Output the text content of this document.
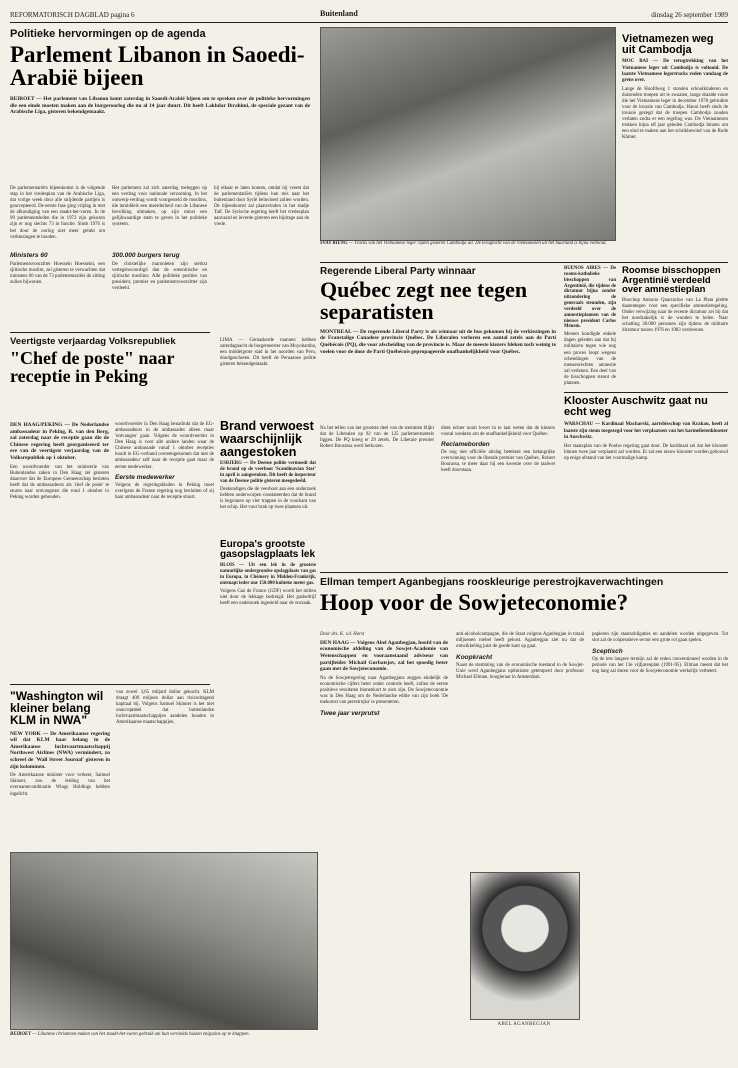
REFORMATORISCH DAGBLAD pagina 6	Buitenland	dinsdag 26 september 1989
Politieke hervormingen op de agenda
Parlement Libanon in Saoedi-Arabië bijeen
BEIROET — Het parlement van Libanon komt zaterdag in Saoedi-Arabië bijeen om te spreken over de politieke hervormingen die een einde moeten maken aan de burgeroorlog die nu al 14 jaar duurt. Dit heeft Lakhdar Ibrahimi, de speciale gezant van de Arabische Liga, gisteren bekendgemaakt.
De parlementariërs bijeenkomst is de volgende stap in het vredesplan van de Arabische Liga, dat vorige week door alle strijdende partijen is geaccepteerd. De eerste fase ging vrijdag in met de afkondiging van een staakt-het-vuren. In de 99 parlementsleden die in 1972 zijn gekozen zijn er nog slechts 73 in functie. Sinds 1976 is het door de oorlog niet meer gelukt om verkiezingen te houden.
Het parlement zal zich zaterdag toeleggen op een verdrag voor nationale verzoening. In het ontwerp-verdrag wordt voorgesteld de moslims, die inmiddels een meerderheid van de Libanese bevolking uitmaken, op zijn minst een gelijkwaardige stem te geven in het politieke systeem.
bij elkaar te laten komen, omdat hij vreest dat de parlementariërs tijdens hun reis naar het buitenland door Syrië beïnvloed zullen worden. De bijeenkomst zal plaatsvinden in het stadje Taif. De Syrische regering heeft het vredesplan aanvaard en leverde gisteren een bijdrage aan de vrede.
Ministers 60
Parlementsvoorzitter Hoessein Hoesseini, een sjiitische moslim, zei gisteren te verwachten dat minstens 60 van de 73 parlementariërs de zitting zullen bijwonen.
300.000 burgers terug
De christelijke maronieten zijn sterkst vertegenwoordigd dan de soennitische en sjiitische moslims. Alle politieke posities van president, premier en parlementsvoorzitter zijn verdeeld.
SVAY RIENG — Tracks van het Vietnamese leger rijden gisteren Cambodja uit. De terugtocht van de Vietnamezen uit het buurland is bijna voltooid.
Vietnamezen weg uit Cambodja
MOC BAI — De terugtrekking van het Vietnamese leger uit Cambodja is voltooid. De laatste Vietnamese legertrucks reden vandaag de grens over.
Lange de Hoofdweg 1 stonden schoolkinderen en duizenden troepen uit te zwaaien, lange draaide route die het Vietnamese leger in december 1978 gebruikte voor de invasie van Cambodja. Hanoi heeft sinds de invasie gezegd dat de troepen Cambodja zouden verlaten zodra er een regeling was. De Vietnamezen trokken bijna elf jaar geleden Cambodja binnen om een eind te maken aan het schrikbewind van de Rode Khmer.
Regerende Liberal Party winnaar
Québec zegt nee tegen separatisten
MONTREAL — De regerende Liberal Party is als winnaar uit de bus gekomen bij de verkiezingen in de Franstalige Canadese provincie Québec. De Liberalen verloren een aantal zetels aan de Parti Québécois (PQ), die voor afscheiding van de provincie is. Maar de meeste kiezers bleken toch weinig te voelen voor de door de Parti Québécois gepropageerde onafhankelijkheid voor Québec.
Na het tellen van het grootste deel van de stemmen blijkt dat de Liberalen op 92 van de 125 parlementszetels liggen. De PQ kreeg er 29 zetels. De Liberale premier Robert Bourassa werd herkozen.
dient echter nooit lower in te laat weten dat de kiezers vooral wenkten om de onafhankelijkheid voor Québec.
Reclameborden
De nog niet officiële uitslag betekent een belangrijke overwinning voor de liberale premier van Québec, Robert Bourassa, te meer daar hij een kwestie over de taalwet heeft doorstaan.
BUENOS AIRES — De rooms-katholieke bisschoppen van Argentinië, die tijdens de dictatuur bijna zonder uitzondering de generaals steunden, zijn verdeeld over de amnestieplannen van de nieuwe president Carlos Menem.
Menem kondigde enkele dagen geleden aan dat hij militairen tegen wie nog een proces loopt wegens schendingen van de mensenrechten amnestie zal verlenen. Een deel van de bisschoppen steunt de plannen.
Roomse bisschoppen Argentinië verdeeld over amnestieplan
Bisschop Antonio Quarracino van La Plata pleitte daarentegen voor een specifieke amnestieregeling. Onder verwijzing naar de recente dictatuur zei hij dat het noodzakelijk is de wonden te helen. Naar schatting 30.000 personen zijn tijdens de militaire dictatuur tussen 1976 en 1983 verdwenen.
Klooster Auschwitz gaat nu echt weg
WARSCHAU — Kardinaal Macharski, aartsbisschop van Krakau, heeft al laatste zijn steun toegezegd voor het verplaatsen van het karmelietenklooster in Auschwitz.
Het staatsplan van de Poolse regering gaat door. De kardinaal zei dat het klooster binnen twee jaar verplaatst zal worden. Er zal een nieuw klooster worden gebouwd op enige afstand van het voormalige kamp.
Veertigste verjaardag Volksrepubliek
"Chef de poste" naar receptie in Peking
DEN HAAG/PEKING — De Nederlandse ambassadeur in Peking, R. van den Berg, zal zaterdag naar de receptie gaan die de Chinese regering heeft georganiseerd ter ere van de veertigste verjaardag van de Volksrepubliek op 1 oktober.
Een woordvoerder van het ministerie van Buitenlandse zaken in Den Haag zei gisteren daarover dat de Europese Gemeenschap besloten heeft dat de ambassadeurs als 'chef de poste' te sturen naar ontvangsten die rond 1 oktober in Peking worden gehouden.
woordvoerder in Den Haag benadrukt dat de EG-ambassadeurs in de ambassades alleen maar 'ontvangen' gaan. Volgens de woordvoerder in Den Haag is voor alle andere landen waar de Chinese ambassade vanaf 1 oktober recepties houdt in EG-verband overeengekomen dat niet de ambassadeur zelf naar de receptie gaat maar de eerste medewerker.
Eerste medewerker
Volgens de regeringsbladen in Peking moet overigens de Franse regering nog besluiten of zij haar ambassadeur naar de receptie stuurt.
LIMA — Gemaskerde mannen hebben zaterdagnacht de burgemeester van Moyobamba, een middelgrote stad in het noorden van Peru, doodgeschoten. Dit heeft de Peruaanse politie gisteren bekendgemaakt.
Brand verwoest waarschijnlijk aangestoken
ESBJERG — De Deense politie vermoedt dat de brand op de veerboot 'Scandinavian Star' in april is aangestoken. Dit heeft de inspecteur van de Deense politie gisteren meegedeeld.
Deskundigen die de veerboot aan een onderzoek hebben onderworpen constateerden dat de brand is begonnen op vier trappen in de voorkant van het schip. Het vuur brak op twee plaatsen uit.
Europa's grootste gasopslagplaats lek
BLOIS — Uit een lek in de grootste natuurlijke ondergrondse opslagplaats van gas in Europa, in Chémery in Midden-Frankrijk, ontsnapt ieder uur 150.000 kubieke meter gas.
Volgens Gaz de France (GDF) wordt het milieu niet door de lekkage bedreigd. Het gasbedrijf heeft een onderzoek ingesteld naar de oorzaak.
"Washington wil kleiner belang KLM in NWA"
NEW YORK — De Amerikaanse regering wil dat KLM haar belang in de Amerikaanse luchtvaartmaatschappij Northwest Airlines (NWA) vermindert, zo schreef de 'Wall Street Journal' gisteren in zijn kolommen.
De Amerikaanse minister voor verkeer, Samuel Skinner, zou de leiding van het overnamecombinatie Wings Holdings hebben ingelicht.
van zowel 3,65 miljard dollar gekocht. KLM draagt 400 miljoen dollar aan risicodragend kapitaal bij. Volgens Samuel Skinner is het niet onacceptabel dat buitenlandse luchtvaartmaatschappijen aandelen houden in Amerikaanse maatschappijen.
BEIROET — Libanese christenen maken van het staakt-het-vuren gebruik om hun vernielde huizen enigszins op te knappen.
Ellman tempert Aganbegjans rooskleurige perestrojkaverwachtingen
Hoop voor de Sowjeteconomie?
Door drs. K. v.d. Horst
DEN HAAG — Volgens Abel Aganbegjan, hoofd van de economische afdeling van de Sowjet-Academie van Wetenschappen en vooraanstaand adviseur van partijleider Michail Gorbatsjov, zal het spoedig beter gaan met de Sowjeteconomie.
Na de Sowjetregering naar Aganbegjans zeggen eindelijk de economische cijfers beter onder controle heeft, zullen de eerste positieve resultaten binnenkort te zien zijn. De Sowjeteconomie was in Den Haag om de Nederlandse editie van zijn boek 'De toekomst van perestrojka' te presenteren.
Twee jaar verprutst
anti-alcoholcampagne, die de Staat volgens Aganbegjan in totaal miljoenen roebel heeft gekost. Aganbegjan ziet nu dat de ontwikkeling juist de goede kant op gaat.
Koopkracht
Naast de stemming van de economische toestand in de Sowjet-Unie werd Aganbegjans optimisme getemperd door professor Michael Ellman, hoogleraar in Amsterdam.
ABEL AGANBEGJAN
papieren zijn staatsobligaties en aandelen worden uitgegeven. Tot slot zal de coöperatieve sector een grote rol gaan spelen.
Sceptisch
Op de iets langere termijn zal de reden conventioneel worden in de periode van het 13e vijfjarenplan (1991-95). Ellman meent dat het nog lang zal duren voor de Sowjeteconomie werkelijk verbetert.
